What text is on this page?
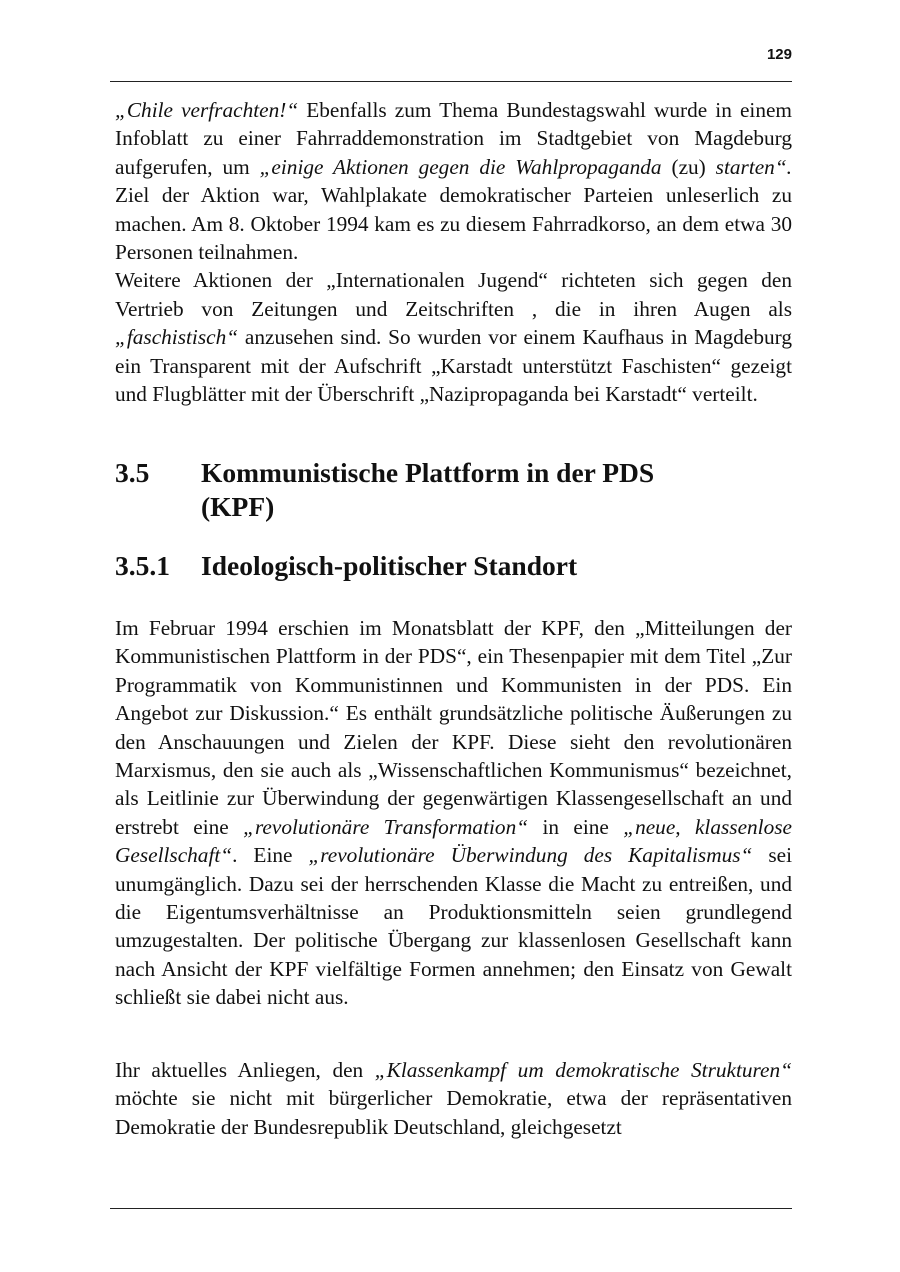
129

„Chile verfrachten!“ Ebenfalls zum Thema Bundestagswahl wurde in einem Infoblatt zu einer Fahrraddemonstration im Stadtgebiet von Magdeburg aufgerufen, um „einige Aktionen gegen die Wahlpropaganda (zu) starten“. Ziel der Aktion war, Wahlplakate demokratischer Parteien unleserlich zu machen. Am 8. Oktober 1994 kam es zu diesem Fahrradkorso, an dem etwa 30 Personen teilnahmen.

Weitere Aktionen der „Internationalen Jugend“ richteten sich gegen den Vertrieb von Zeitungen und Zeitschriften , die in ihren Augen als „faschistisch“ anzusehen sind. So wurden vor einem Kaufhaus in Magdeburg ein Transparent mit der Aufschrift „Karstadt unterstützt Faschisten“ gezeigt und Flugblätter mit der Überschrift „Nazipropaganda bei Karstadt“ verteilt.

3.5 Kommunistische Plattform in der PDS
(KPF)
3.5.1 Ideologisch-politischer Standort

Im Februar 1994 erschien im Monatsblatt der KPF, den „Mitteilungen der Kommunistischen Plattform in der PDS“, ein Thesenpapier mit dem Titel „Zur Programmatik von Kommunistinnen und Kommunisten in der PDS. Ein Angebot zur Diskussion.“ Es enthält grundsätzliche politische Äußerungen zu den Anschauungen und Zielen der KPF. Diese sieht den revolutionären Marxismus, den sie auch als „Wissenschaftlichen Kommunismus“ bezeichnet, als Leitlinie zur Überwindung der gegenwärtigen Klassengesellschaft an und erstrebt eine „revolutionäre Transformation“ in eine „neue, klassenlose Gesellschaft“. Eine „revolutionäre Überwindung des Kapitalismus“ sei unumgänglich. Dazu sei der herrschenden Klasse die Macht zu entreißen, und die Eigentumsverhältnisse an Produktionsmitteln seien grundlegend umzugestalten. Der politische Übergang zur klassenlosen Gesellschaft kann nach Ansicht der KPF vielfältige Formen annehmen; den Einsatz von Gewalt schließt sie dabei nicht aus.

Ihr aktuelles Anliegen, den „Klassenkampf um demokratische Strukturen“ möchte sie nicht mit bürgerlicher Demokratie, etwa der repräsentativen Demokratie der Bundesrepublik Deutschland, gleichgesetzt
